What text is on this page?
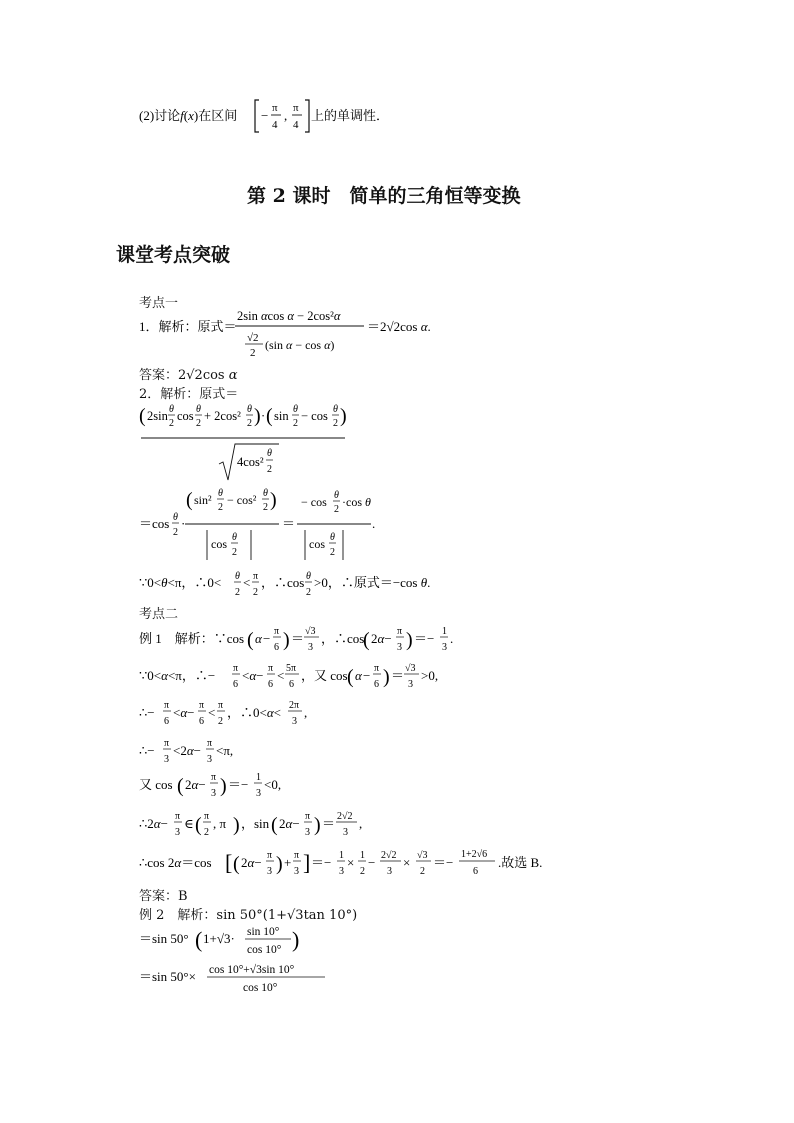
(2)讨论f(x)在区间 − π
4
, π
4
上的单调性．
第 2 课时　简单的三角恒等变换
课堂考点突破
考点一
1．解析：原式＝
2sin αcos α − 2cos²α
√2
2
(sin α − cos α)
＝2√2cos α.
答案：2√2cos α
2．解析：原式＝
( 2sin θ
2
cos θ
2
+ 2cos² θ
2 ) · ( sin θ
2
− cos θ
2 )
4cos²
θ
2
＝cos θ
2
·
( sin² θ
2
− cos² θ
2 )
cos θ
2
＝
− cos θ
2
·cos θ
cos θ
2
.
∵0<θ<π，∴0< θ
2
< π
2
，∴cos θ
2
>0，∴原式＝−cos θ.
考点二
例 1　解析：∵cos ( α − π
6 ) ＝ √3
3
，∴cos
( 2α− π
3 ) ＝− 1
3
.
∵0<α<π，∴− π
6
<α− π
6
< 5π
6
，又 cos ( α − π
6 ) ＝ √3
3
>0,
∴− π
6
<α− π
6
< π
2
，∴0<α< 2π
3
,
∴− π
3
<2α− π
3
<π,
又 cos ( 2α− π
3 ) ＝− 1
3
<0,
∴2α− π
3
∈ ( π
2
, π ) ，sin ( 2α− π
3 ) ＝ 2√2
3
,
∴cos 2α＝cos [ ( 2α− π
3 ) + π
3 ] ＝− 1
3
× 1
2
− 2√2
3
× √3
2
＝−
1+2√6
6
.故选 B.
答案：B
例 2　解析：sin 50°(1+√3tan 10°)
＝sin 50° ( 1+√3· sin 10°
cos 10° )
＝sin 50°× cos 10°+√3sin 10°
cos 10°
